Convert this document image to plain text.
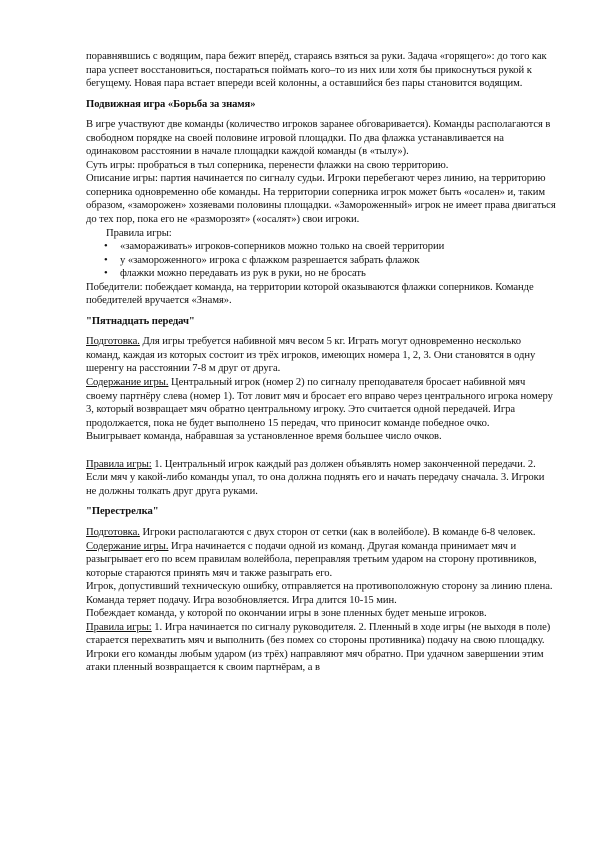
поравнявшись с водящим, пара бежит вперёд, стараясь взяться за руки. Задача «горящего»: до того как пара успеет восстановиться, постараться поймать кого–то из них или хотя бы прикоснуться рукой к бегущему. Новая пара встает впереди всей колонны, а оставшийся без пары становится водящим.

Подвижная игра «Борьба за знамя»

В игре участвуют две команды (количество игроков заранее обговаривается). Команды располагаются в свободном порядке на своей половине игровой площадки. По два флажка устанавливается на одинаковом расстоянии в начале площадки каждой команды (в «тылу»).

Суть игры: пробраться в тыл соперника, перенести флажки на свою территорию.

Описание игры: партия начинается по сигналу судьи. Игроки перебегают через линию, на территорию соперника одновременно обе команды. На территории соперника игрок может быть «осален» и, таким образом, «заморожен» хозяевами половины площадки. «Замороженный» игрок не имеет права двигаться до тех пор, пока его не «разморозят» («осалят») свои игроки.

Правила игры:

• «замораживать» игроков-соперников можно только на своей территории
• у «замороженного» игрока с флажком разрешается забрать флажок
• флажки можно передавать из рук в руки, но не бросать

Победители: побеждает команда, на территории которой оказываются флажки соперников. Команде победителей вручается «Знамя».

"Пятнадцать передач"

Подготовка. Для игры требуется набивной мяч весом 5 кг. Играть могут одновременно несколько команд, каждая из которых состоит из трёх игроков, имеющих номера 1, 2, 3. Они становятся в одну шеренгу на расстоянии 7-8 м друг от друга.

Содержание игры. Центральный игрок (номер 2) по сигналу преподавателя бросает набивной мяч своему партнёру слева (номер 1). Тот ловит мяч и бросает его вправо через центрального игрока номеру 3, который возвращает мяч обратно центральному игроку. Это считается одной передачей. Игра продолжается, пока не будет выполнено 15 передач, что приносит команде победное очко.

Выигрывает команда, набравшая за установленное время большее число очков.

Правила игры: 1. Центральный игрок каждый раз должен объявлять номер законченной передачи. 2. Если мяч у какой-либо команды упал, то она должна поднять его и начать передачу сначала. 3. Игроки не должны толкать друг друга руками.

"Перестрелка"

Подготовка. Игроки располагаются с двух сторон от сетки (как в волейболе). В команде 6-8 человек.

Содержание игры. Игра начинается с подачи одной из команд. Другая команда принимает мяч и разыгрывает его по всем правилам волейбола, переправляя третьим ударом на сторону противников, которые стараются принять мяч и также разыграть его.

Игрок, допустивший техническую ошибку, отправляется на противоположную сторону за линию плена. Команда теряет подачу. Игра возобновляется. Игра длится 10-15 мин.

Побеждает команда, у которой по окончании игры в зоне пленных будет меньше игроков.

Правила игры: 1. Игра начинается по сигналу руководителя. 2. Пленный в ходе игры (не выходя в поле) старается перехватить мяч и выполнить (без помех со стороны противника) подачу на свою площадку. Игроки его команды любым ударом (из трёх) направляют мяч обратно. При удачном завершении этим атаки пленный возвращается к своим партнёрам, а в
